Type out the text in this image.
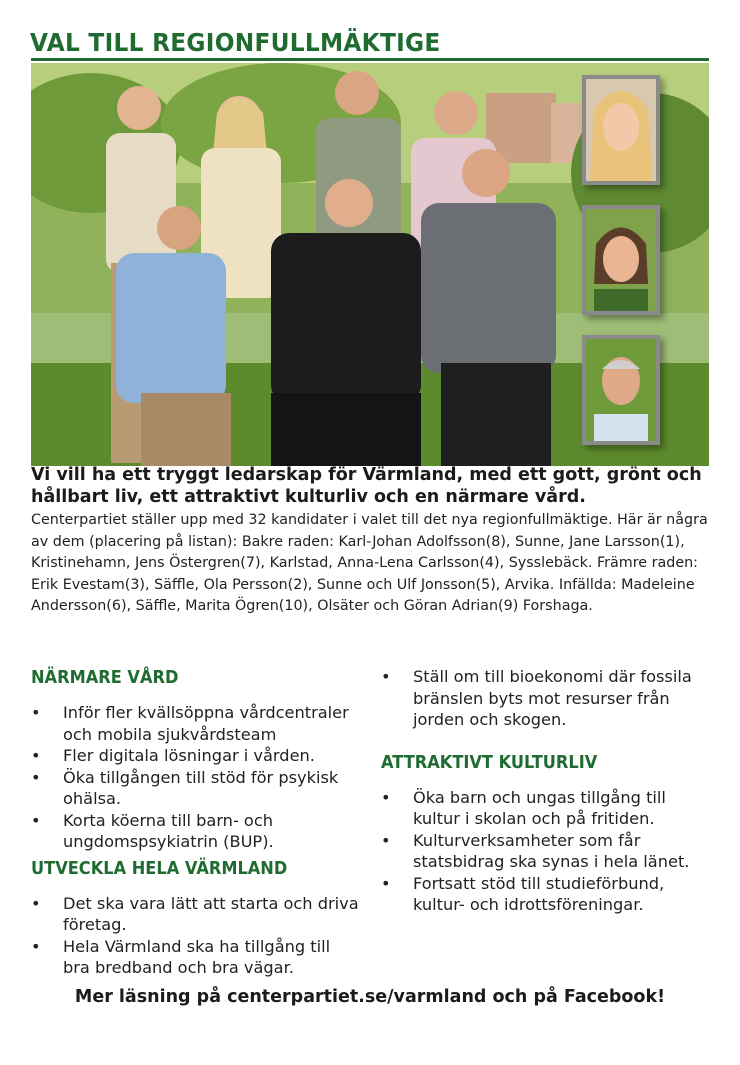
VAL TILL REGIONFULLMÄKTIGE

Vi vill ha ett tryggt ledarskap för Värmland, med ett gott, grönt och hållbart liv, ett attraktivt kulturliv och en närmare vård.

Centerpartiet ställer upp med 32 kandidater i valet till det nya regionfullmäktige. Här är några av dem (placering på listan): Bakre raden: Karl-Johan Adolfsson(8), Sunne, Jane Larsson(1), Kristinehamn, Jens Östergren(7), Karlstad, Anna-Lena Carlsson(4), Sysslebäck. Främre raden: Erik Evestam(3), Säffle, Ola Persson(2), Sunne och Ulf Jonsson(5), Arvika. Infällda: Madeleine Andersson(6), Säffle, Marita Ögren(10), Olsäter och Göran Adrian(9) Forshaga.

NÄRMARE VÅRD
• Inför fler kvällsöppna vårdcentraler och mobila sjukvårdsteam
• Fler digitala lösningar i vården.
• Öka tillgången till stöd för psykisk ohälsa.
• Korta köerna till barn- och ungdomspsykiatrin (BUP).
UTVECKLA HELA VÄRMLAND
• Det ska vara lätt att starta och driva företag.
• Hela Värmland ska ha tillgång till bra bredband och bra vägar.
• Ställ om till bioekonomi där fossila bränslen byts mot resurser från jorden och skogen.
ATTRAKTIVT KULTURLIV
• Öka barn och ungas tillgång till kultur i skolan och på fritiden.
• Kulturverksamheter som får statsbidrag ska synas i hela länet.
• Fortsatt stöd till studieförbund, kultur- och idrottsföreningar.

Mer läsning på centerpartiet.se/varmland och på Facebook!
